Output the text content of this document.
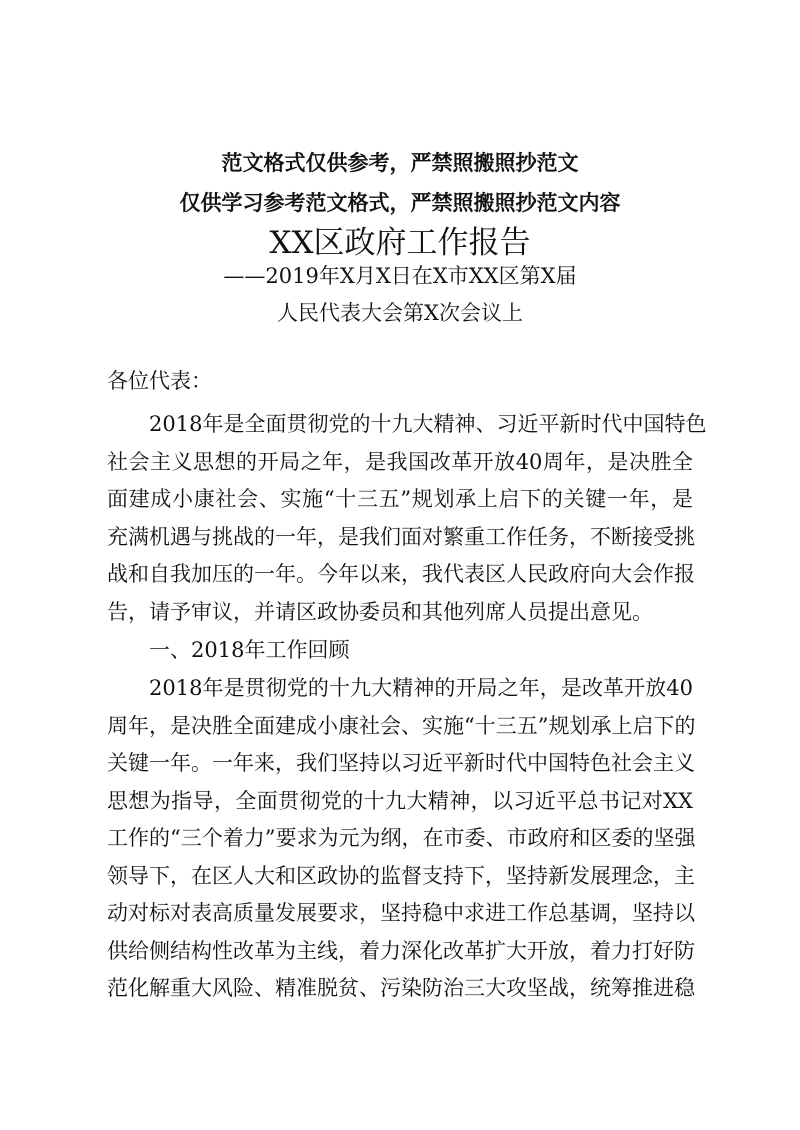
范文格式仅供参考，严禁照搬照抄范文
仅供学习参考范文格式，严禁照搬照抄范文内容
XX区政府工作报告
——2019年X月X日在X市XX区第X届
人民代表大会第X次会议上
各位代表：
2018年是全面贯彻党的十九大精神、习近平新时代中国特色
社会主义思想的开局之年，是我国改革开放40周年，是决胜全
面建成小康社会、实施“十三五”规划承上启下的关键一年，是
充满机遇与挑战的一年，是我们面对繁重工作任务，不断接受挑
战和自我加压的一年。今年以来，我代表区人民政府向大会作报
告，请予审议，并请区政协委员和其他列席人员提出意见。
一、2018年工作回顾
2018年是贯彻党的十九大精神的开局之年，是改革开放40
周年，是决胜全面建成小康社会、实施“十三五”规划承上启下的
关键一年。一年来，我们坚持以习近平新时代中国特色社会主义
思想为指导，全面贯彻党的十九大精神，以习近平总书记对XX
工作的“三个着力”要求为元为纲，在市委、市政府和区委的坚强
领导下，在区人大和区政协的监督支持下，坚持新发展理念，主
动对标对表高质量发展要求，坚持稳中求进工作总基调，坚持以
供给侧结构性改革为主线，着力深化改革扩大开放，着力打好防
范化解重大风险、精准脱贫、污染防治三大攻坚战，统筹推进稳
